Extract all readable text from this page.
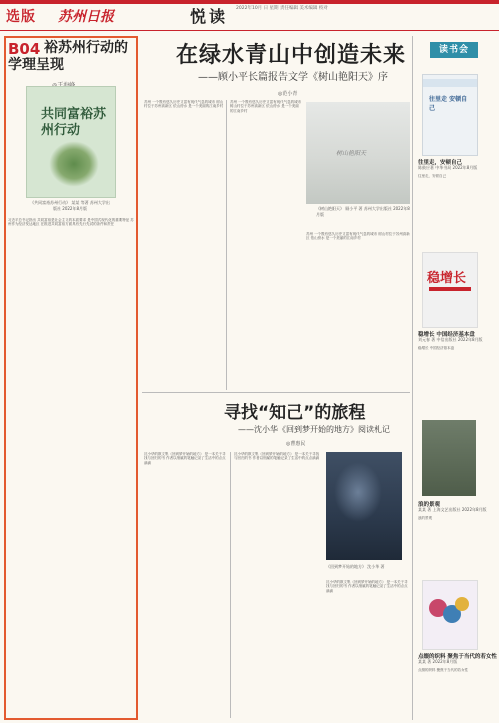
选版 苏州日报	悦读 2022年10月 日 星期 责任编辑 美术编辑 校对
B04 裕苏州行动的学理呈现
共同富裕苏州行动
《共同富裕苏州行动》 某某 等著 苏州大学出版社 2022年8月版
习近平总书记指出 共同富裕是社会主义的本质要求 是中国式现代化的重要特征 苏州作为经济发达地区 在推进共同富裕方面具有先行先试的条件和责任
在绿水青山中创造未来
——顾小平长篇报告文学《树山艳阳天》序
◎范小青
苏州 一个既有悠久历史又富有现代气息的城市 树山村位于苏州高新区 依山傍水 是一个美丽的江南乡村
苏州 一个既有悠久历史又富有现代气息的城市 树山村位于苏州高新区 依山傍水 是一个美丽的江南乡村
树山艳阳天
《树山艳阳天》 顾小平 著 苏州大学出版社 2022年8月版
苏州 一个既有悠久历史又富有现代气息的城市 树山村位于苏州高新区 依山傍水 是一个美丽的江南乡村
寻找“知己”的旅程
——沈小华《回到梦开始的地方》阅读札记
◎曹惠民
沈小华的散文集《回到梦开始的地方》 是一本关于寻找与回归的书 作者以细腻的笔触记录了生活中的点点滴滴
沈小华的散文集《回到梦开始的地方》 是一本关于寻找与回归的书 作者以细腻的笔触记录了生活中的点点滴滴
《回到梦开始的地方》 沈小华 著
沈小华的散文集《回到梦开始的地方》 是一本关于寻找与回归的书 作者以细腻的笔触记录了生活中的点点滴滴
读书会
往里走 安顿自己
往里走，安顿自己
陈鼓应著 中华书局 2022年8月版
往里走，安顿自己
稳增长
稳增长 中国经济基本盘
刘元春 著 中信出版社 2022年8月版
稳增长 中国经济基本盘
浪的景观
某某 著 上海文艺出版社 2022年8月版
浪的景观
点缀的织料 聚焦于当代的若女性
某某 著 2022年8月版
点缀的织料 聚焦于当代的若女性
